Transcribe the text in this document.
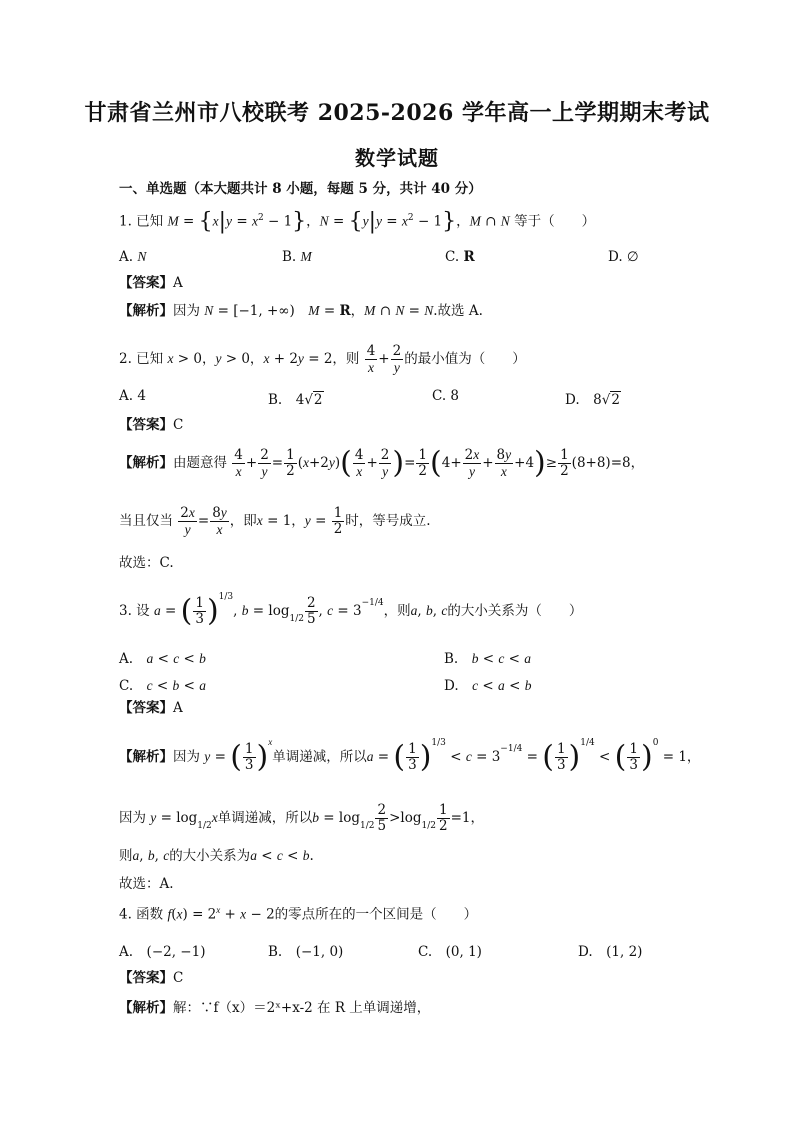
甘肃省兰州市八校联考 2025-2026 学年高一上学期期末考试
数学试题
一、单选题（本大题共计 8 小题，每题 5 分，共计 40 分）
1. 已知 $M = \{x|y = x^2 - 1\}$，$N = \{y|y = x^2 - 1\}$，M ∩ N 等于（　　）
A. N	B. M	C. R	D. ∅
【答案】A
【解析】因为 N = [−1, +∞)　M = R，M ∩ N = N.故选 A.
2. 已知 x > 0，y > 0，x + 2y = 2，则 $\frac{4}{x} + \frac{2}{y}$ 的最小值为（　　）
A. 4	B.　4√2	C. 8	D.　8√2
【答案】C
【解析】由题意得 $\frac{4}{x} + \frac{2}{y} = \frac{1}{2} (x+2y)( \frac{4}{x} + \frac{2}{y}$ )= $\frac{1}{2} (4+ \frac{2x}{y} + \frac{8y}{x} +4)\ge \frac{1}{2} (8+8)=8$，
当且仅当 $\frac{2x}{y} = \frac{8y}{x}$ ，即x = 1，$y = \frac{1}{2}$ 时，等号成立.
故选：C.
3. 设 a = ( $\frac{1}{3} )^{1/3}$, $b = \log_{1/2} \frac{2}{5}$ , $c = 3^{-1/4}$，则a, b, c的大小关系为（　　）
A.　 a < c < b	B.　 b < c < a
C.　 c < b < a	D.　 c < a < b
【答案】A
【解析】因为 y = ( $\frac{1}{3} )^x$单调递减，所以a = ( $\frac{1}{3} )^{1/3} < c = 3^{-1/4}$ = ( $\frac{1}{3} )^{1/4}$ < ( $\frac{1}{3} )^0 = 1$，
因为 $y = \log_{1/2}x$单调递减，所以$b = \log_{1/2} \frac{2}{5} >\log_{1/2} \frac{1}{2} =1$，
则a, b, c的大小关系为a < c < b.
故选：A.
4. 函数 $f(x) = 2^x + x - 2$的零点所在的一个区间是（　　）
A.　(−2, −1)	B.　(−1, 0)	C.　(0, 1)	D.　(1, 2)
【答案】C
【解析】解：∵f（x）＝2ˣ+x-2 在 R 上单调递增，
